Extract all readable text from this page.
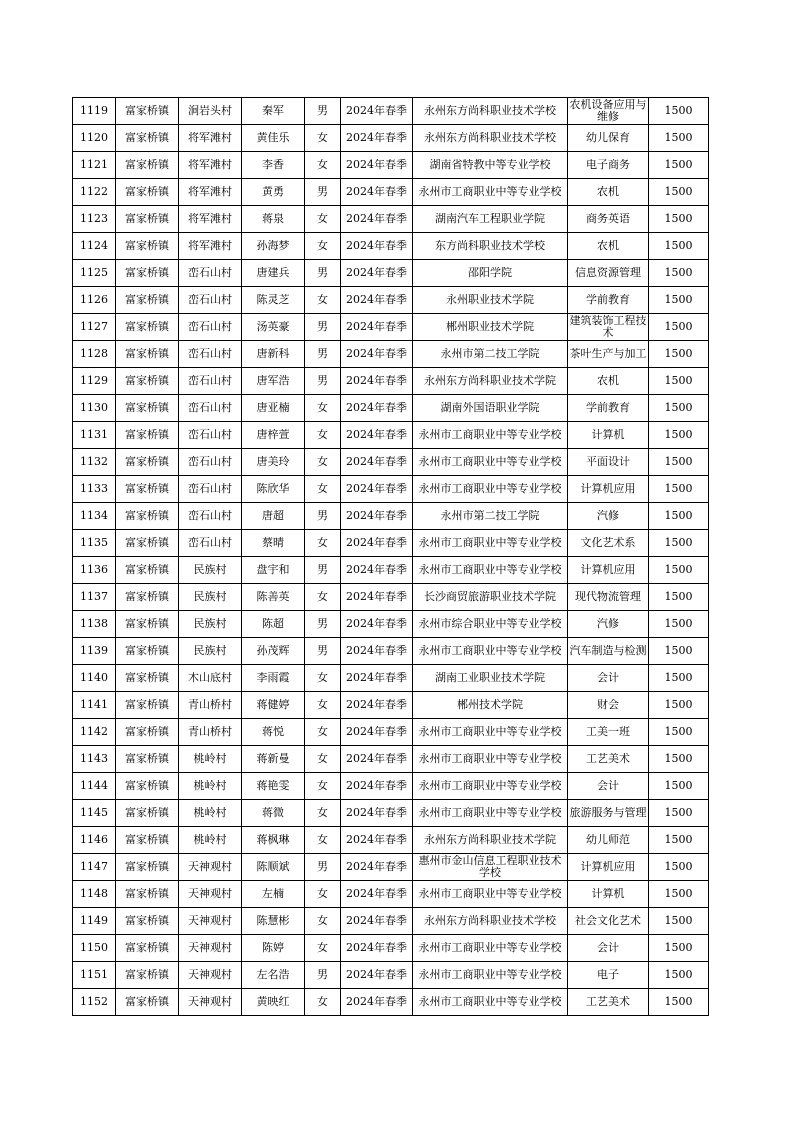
1119	富家桥镇	涧岩头村	秦军	男	2024年春季	永州东方尚科职业技术学校	农机设备应用与维修	1500

1120	富家桥镇	将军滩村	黄佳乐	女	2024年春季	永州东方尚科职业技术学校	幼儿保育	1500

1121	富家桥镇	将军滩村	李香	女	2024年春季	湖南省特教中等专业学校	电子商务	1500

1122	富家桥镇	将军滩村	黄勇	男	2024年春季	永州市工商职业中等专业学校	农机	1500

1123	富家桥镇	将军滩村	蒋泉	女	2024年春季	湖南汽车工程职业学院	商务英语	1500

1124	富家桥镇	将军滩村	孙海梦	女	2024年春季	东方尚科职业技术学校	农机	1500

1125	富家桥镇	峦石山村	唐建兵	男	2024年春季	邵阳学院	信息资源管理	1500

1126	富家桥镇	峦石山村	陈灵芝	女	2024年春季	永州职业技术学院	学前教育	1500

1127	富家桥镇	峦石山村	汤英豪	男	2024年春季	郴州职业技术学院	建筑装饰工程技术	1500

1128	富家桥镇	峦石山村	唐新科	男	2024年春季	永州市第二技工学院	茶叶生产与加工	1500

1129	富家桥镇	峦石山村	唐军浩	男	2024年春季	永州东方尚科职业技术学院	农机	1500

1130	富家桥镇	峦石山村	唐亚楠	女	2024年春季	湖南外国语职业学院	学前教育	1500

1131	富家桥镇	峦石山村	唐梓萱	女	2024年春季	永州市工商职业中等专业学校	计算机	1500

1132	富家桥镇	峦石山村	唐美玲	女	2024年春季	永州市工商职业中等专业学校	平面设计	1500

1133	富家桥镇	峦石山村	陈欣华	女	2024年春季	永州市工商职业中等专业学校	计算机应用	1500

1134	富家桥镇	峦石山村	唐超	男	2024年春季	永州市第二技工学院	汽修	1500

1135	富家桥镇	峦石山村	蔡晴	女	2024年春季	永州市工商职业中等专业学校	文化艺术系	1500

1136	富家桥镇	民族村	盘宇和	男	2024年春季	永州市工商职业中等专业学校	计算机应用	1500

1137	富家桥镇	民族村	陈善英	女	2024年春季	长沙商贸旅游职业技术学院	现代物流管理	1500

1138	富家桥镇	民族村	陈超	男	2024年春季	永州市综合职业中等专业学校	汽修	1500

1139	富家桥镇	民族村	孙茂辉	男	2024年春季	永州市工商职业中等专业学校	汽车制造与检测	1500

1140	富家桥镇	木山底村	李雨霞	女	2024年春季	湖南工业职业技术学院	会计	1500

1141	富家桥镇	青山桥村	蒋健婷	女	2024年春季	郴州技术学院	财会	1500

1142	富家桥镇	青山桥村	蒋悦	女	2024年春季	永州市工商职业中等专业学校	工美一班	1500

1143	富家桥镇	桃岭村	蒋新曼	女	2024年春季	永州市工商职业中等专业学校	工艺美术	1500

1144	富家桥镇	桃岭村	蒋艳雯	女	2024年春季	永州市工商职业中等专业学校	会计	1500

1145	富家桥镇	桃岭村	蒋微	女	2024年春季	永州市工商职业中等专业学校	旅游服务与管理	1500

1146	富家桥镇	桃岭村	蒋枫琳	女	2024年春季	永州东方尚科职业技术学院	幼儿师范	1500

1147	富家桥镇	天神观村	陈顺斌	男	2024年春季	惠州市金山信息工程职业技术学校	计算机应用	1500

1148	富家桥镇	天神观村	左楠	女	2024年春季	永州市工商职业中等专业学校	计算机	1500

1149	富家桥镇	天神观村	陈慧彬	女	2024年春季	永州东方尚科职业技术学校	社会文化艺术	1500

1150	富家桥镇	天神观村	陈婷	女	2024年春季	永州市工商职业中等专业学校	会计	1500

1151	富家桥镇	天神观村	左名浩	男	2024年春季	永州市工商职业中等专业学校	电子	1500

1152	富家桥镇	天神观村	黄映红	女	2024年春季	永州市工商职业中等专业学校	工艺美术	1500
